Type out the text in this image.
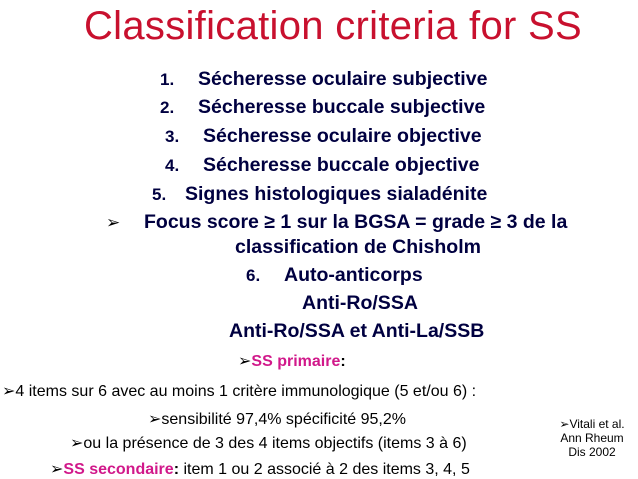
Classification criteria for SS
1. Sécheresse oculaire subjective
2. Sécheresse buccale subjective
3. Sécheresse oculaire objective
4. Sécheresse buccale objective
5. Signes histologiques sialadénite
➢ Focus score ≥ 1 sur la BGSA = grade ≥ 3 de la
classification de Chisholm
6. Auto-anticorps
Anti-Ro/SSA
Anti-Ro/SSA et Anti-La/SSB
➢SS primaire:
➢4 items sur 6 avec au moins 1 critère immunologique (5 et/ou 6) :
➢sensibilité 97,4% spécificité 95,2%
➢ou la présence de 3 des 4 items objectifs (items 3 à 6)
➢SS secondaire: item 1 ou 2 associé à 2 des items 3, 4, 5
➢Vitali et al.
Ann Rheum
Dis 2002
